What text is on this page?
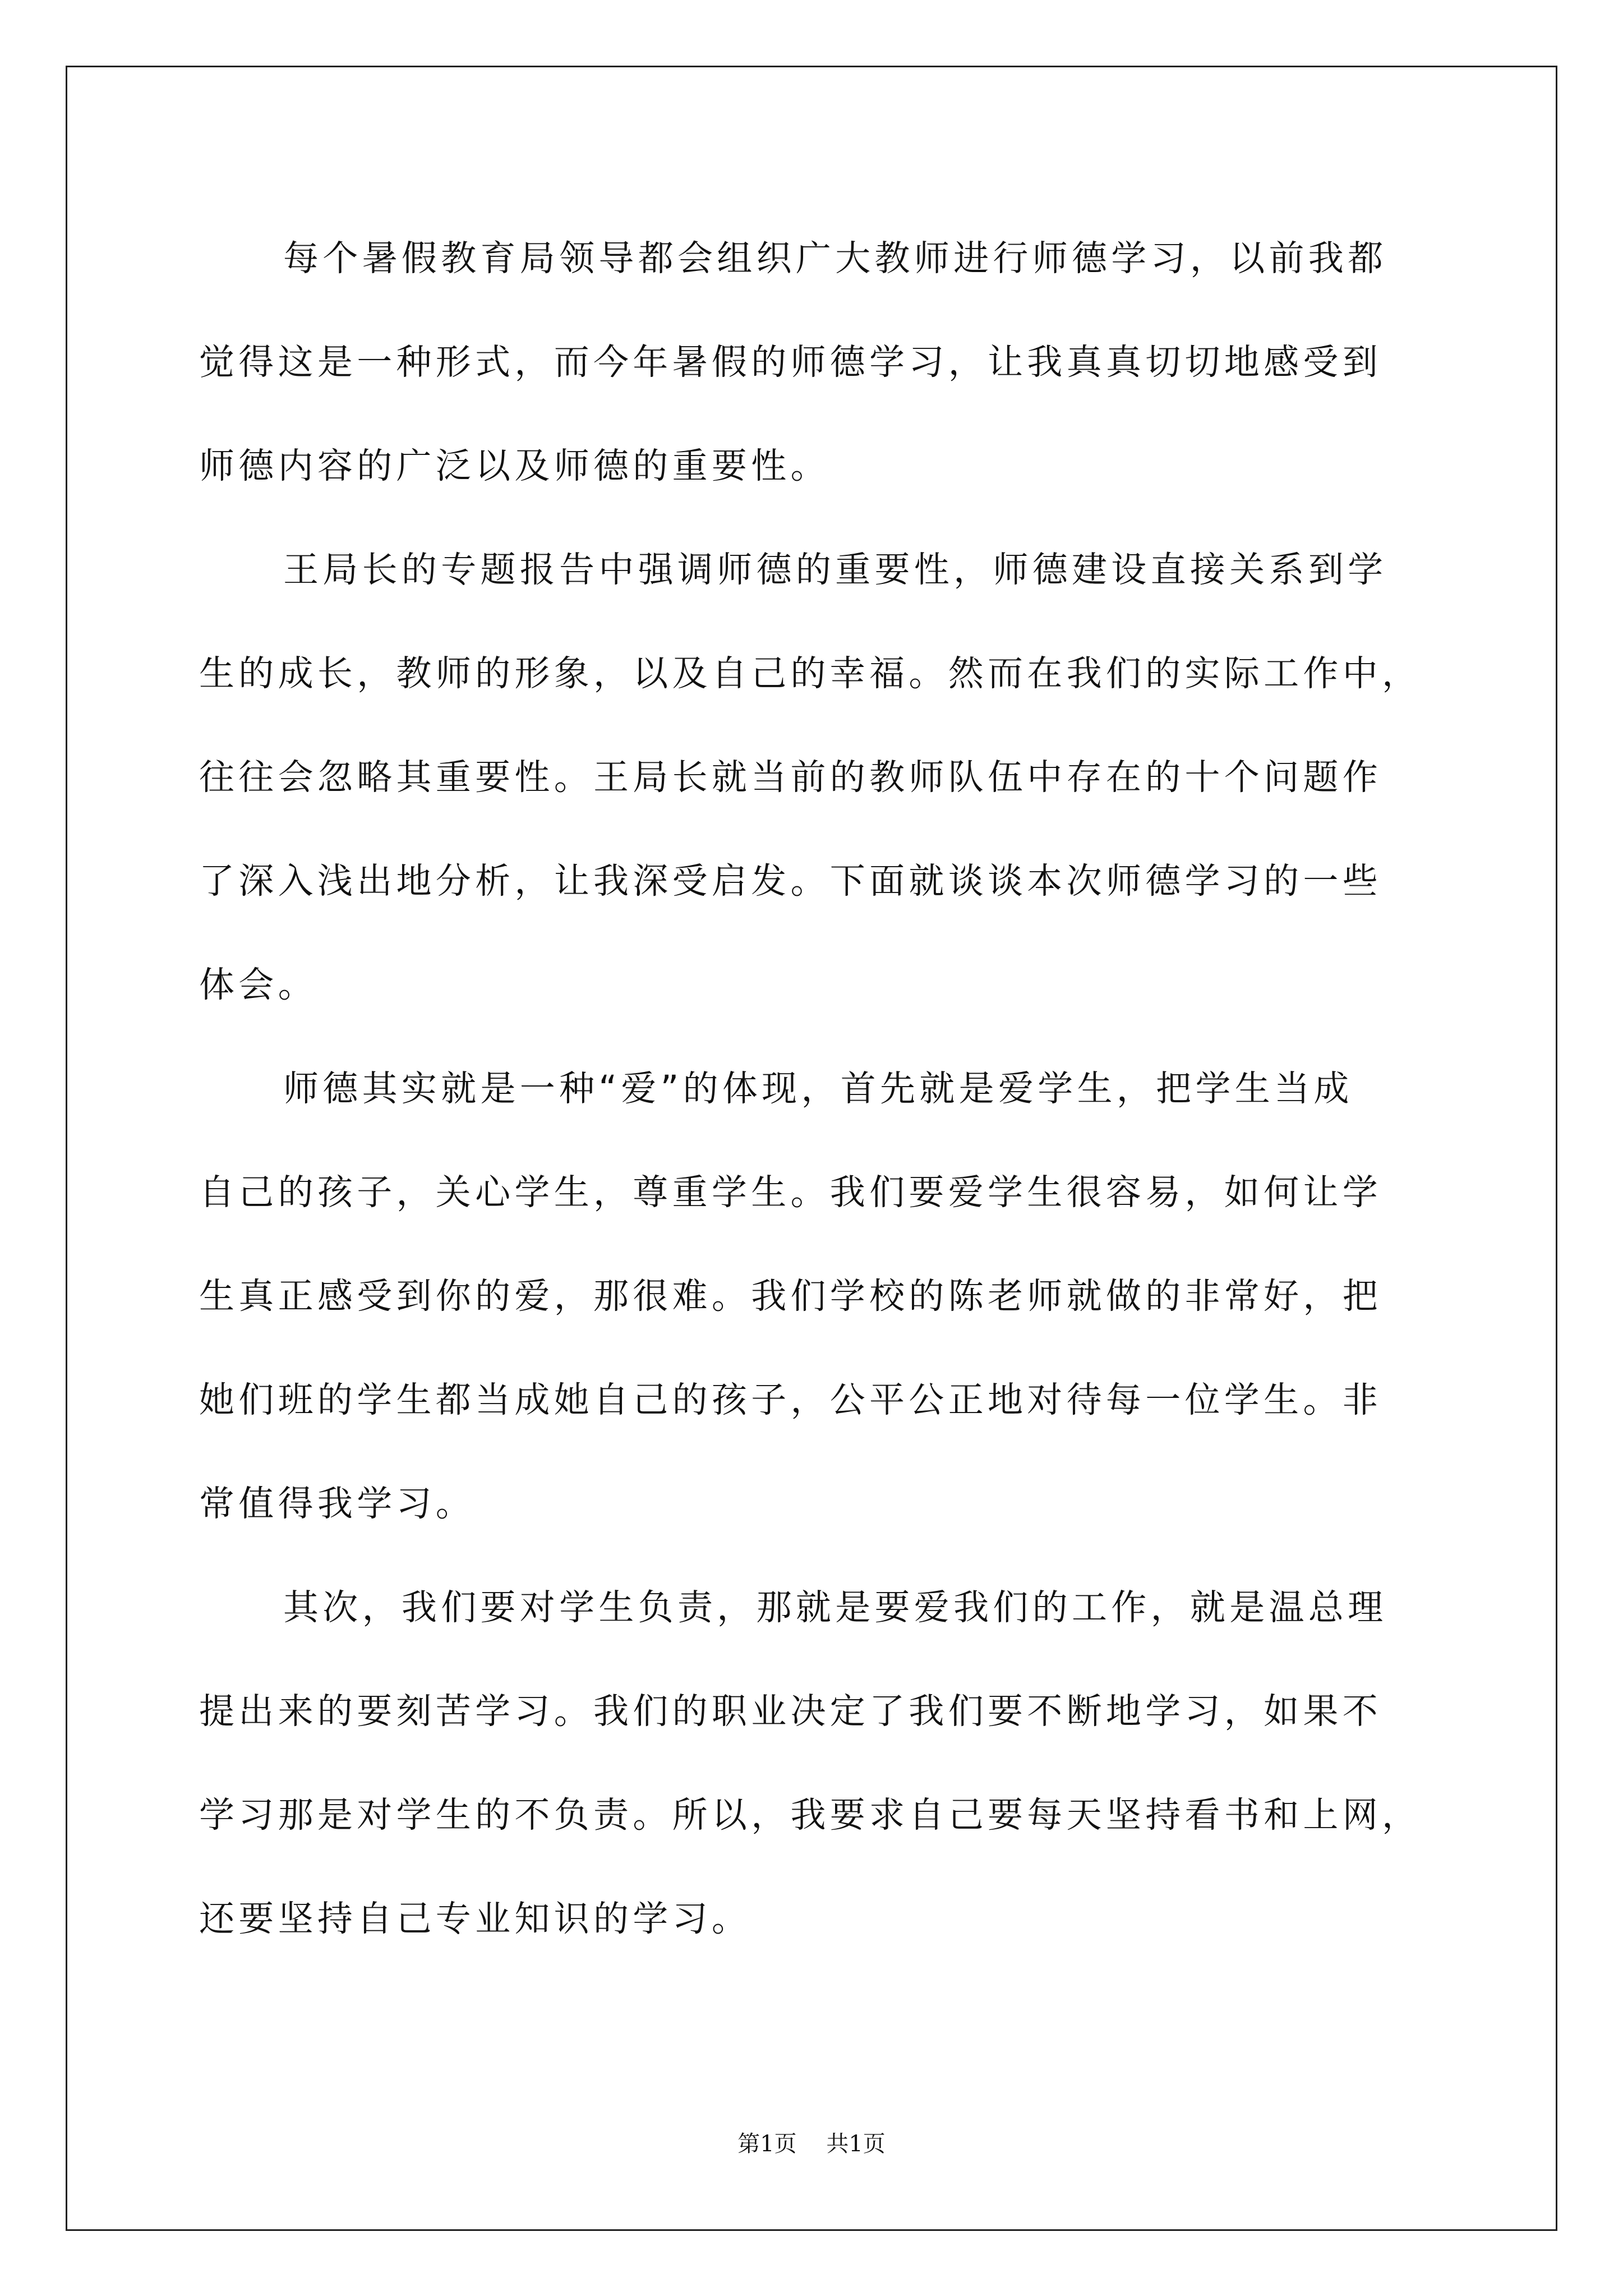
每个暑假教育局领导都会组织广大教师进行师德学习，以前我都
觉得这是一种形式，而今年暑假的师德学习，让我真真切切地感受到
师德内容的广泛以及师德的重要性。
王局长的专题报告中强调师德的重要性，师德建设直接关系到学
生的成长，教师的形象，以及自己的幸福。然而在我们的实际工作中，
往往会忽略其重要性。王局长就当前的教师队伍中存在的十个问题作
了深入浅出地分析，让我深受启发。下面就谈谈本次师德学习的一些
体会。
师德其实就是一种“爱”的体现，首先就是爱学生，把学生当成
自己的孩子，关心学生，尊重学生。我们要爱学生很容易，如何让学
生真正感受到你的爱，那很难。我们学校的陈老师就做的非常好，把
她们班的学生都当成她自己的孩子，公平公正地对待每一位学生。非
常值得我学习。
其次，我们要对学生负责，那就是要爱我们的工作，就是温总理
提出来的要刻苦学习。我们的职业决定了我们要不断地学习，如果不
学习那是对学生的不负责。所以，我要求自己要每天坚持看书和上网，
还要坚持自己专业知识的学习。
第1页 共1页
